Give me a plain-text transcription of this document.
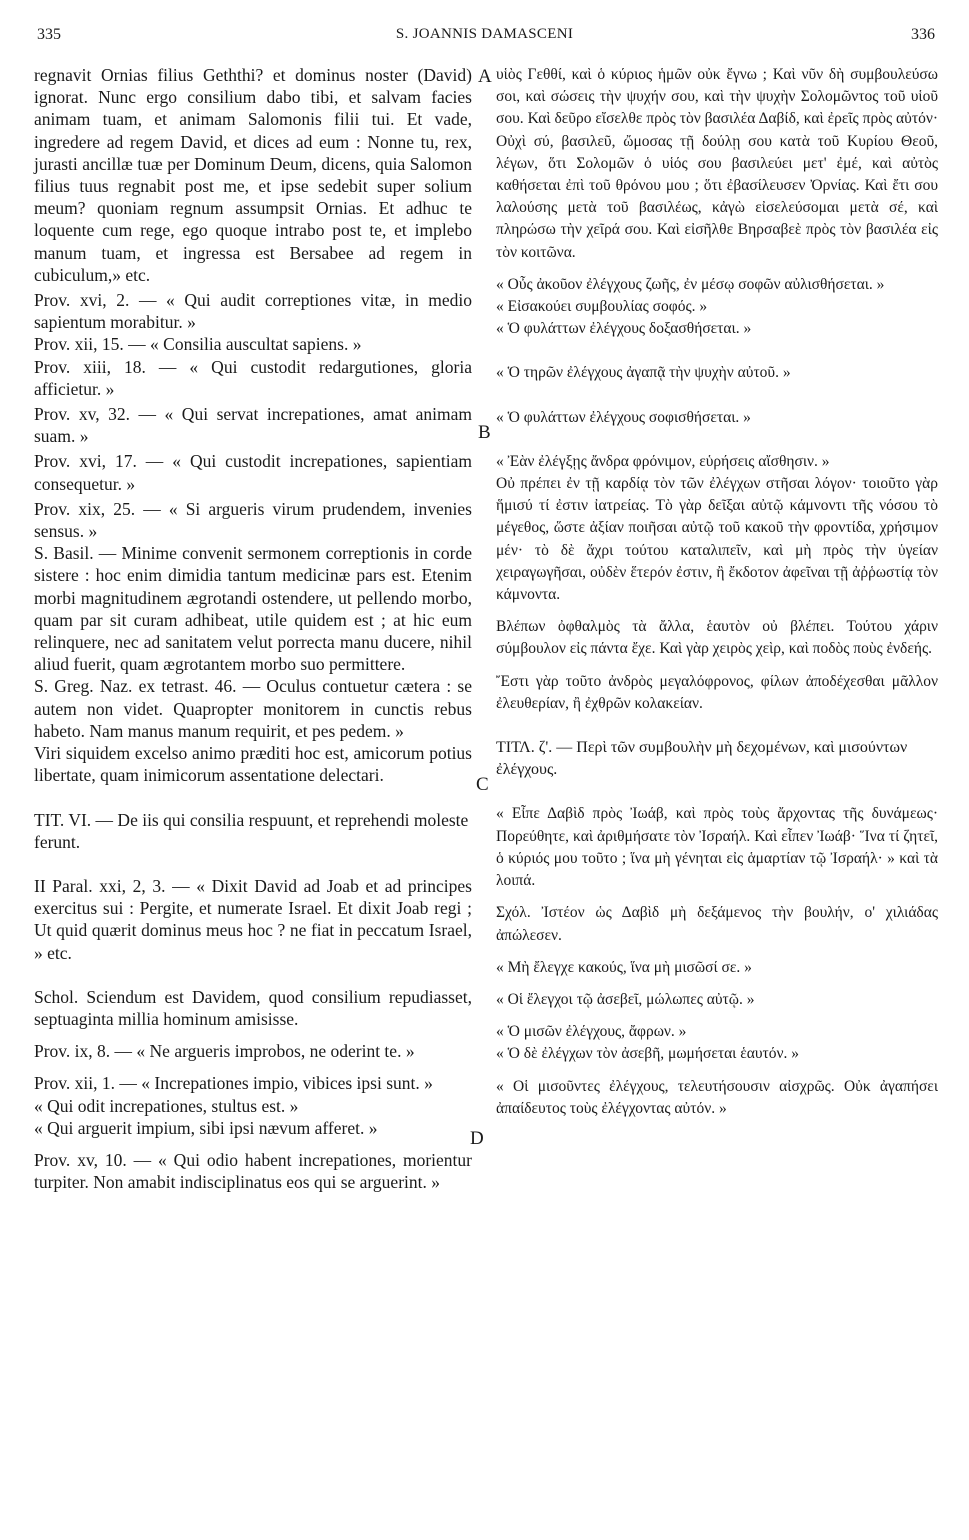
335	S. JOANNIS DAMASCENI	336
A
B
C
D

regnavit Ornias filius Geththi? et dominus noster (David) ignorat. Nunc ergo consilium dabo tibi, et salvam facies animam tuam, et animam Salomonis filii tui. Et vade, ingredere ad regem David, et dices ad eum : Nonne tu, rex, jurasti ancillæ tuæ per Dominum Deum, dicens, quia Salomon filius tuus regnabit post me, et ipse sedebit super solium meum? quoniam regnum assumpsit Ornias. Et adhuc te loquente cum rege, ego quoque intrabo post te, et implebo manum tuam, et ingressa est Bersabee ad regem in cubiculum,» etc.

Prov. xvi, 2. — « Qui audit correptiones vitæ, in medio sapientum morabitur. »

Prov. xii, 15. — « Consilia auscultat sapiens. »

Prov. xiii, 18. — « Qui custodit redargutiones, gloria afficietur. »

Prov. xv, 32. — « Qui servat increpationes, amat animam suam. »

Prov. xvi, 17. — « Qui custodit increpationes, sapientiam consequetur. »

Prov. xix, 25. — « Si argueris virum prudendem, invenies sensus. »

S. Basil. — Minime convenit sermonem correptionis in corde sistere : hoc enim dimidia tantum medicinæ pars est. Etenim morbi magnitudinem ægrotandi ostendere, ut pellendo morbo, quam par sit curam adhibeat, utile quidem est ; at hic eum relinquere, nec ad sanitatem velut porrecta manu ducere, nihil aliud fuerit, quam ægrotantem morbo suo permittere.

S. Greg. Naz. ex tetrast. 46. — Oculus contuetur cætera : se autem non videt. Quapropter monitorem in cunctis rebus habeto. Nam manus manum requirit, et pes pedem. »

Viri siquidem excelso animo præditi hoc est, amicorum potius libertate, quam inimicorum assentatione delectari.

TIT. VI. — De iis qui consilia respuunt, et reprehendi moleste ferunt.

II Paral. xxi, 2, 3. — « Dixit David ad Joab et ad principes exercitus sui : Pergite, et numerate Israel. Et dixit Joab regi ; Ut quid quærit dominus meus hoc ? ne fiat in peccatum Israel, » etc.

Schol. Sciendum est Davidem, quod consilium repudiasset, septuaginta millia hominum amisisse.

Prov. ix, 8. — « Ne argueris improbos, ne oderint te. »

Prov. xii, 1. — « Increpationes impio, vibices ipsi sunt. »

« Qui odit increpationes, stultus est. »

« Qui arguerit impium, sibi ipsi nævum afferet. »

Prov. xv, 10. — « Qui odio habent increpationes, morientur turpiter. Non amabit indisciplinatus eos qui se arguerint. »

υἱὸς Γεθθί, καὶ ὁ κύριος ἡμῶν οὐκ ἔγνω ; Καὶ νῦν δὴ συμβουλεύσω σοι, καὶ σώσεις τὴν ψυχήν σου, καὶ τὴν ψυχὴν Σολομῶντος τοῦ υἱοῦ σου. Καὶ δεῦρο εἴσελθε πρὸς τὸν βασιλέα Δαβίδ, καὶ ἐρεῖς πρὸς αὐτόν· Οὐχὶ σύ, βασιλεῦ, ὤμοσας τῇ δούλῃ σου κατὰ τοῦ Κυρίου Θεοῦ, λέγων, ὅτι Σολομῶν ὁ υἱός σου βασιλεύει μετ' ἐμέ, καὶ αὐτὸς καθήσεται ἐπὶ τοῦ θρόνου μου ; ὅτι ἐβασίλευσεν Ὀρνίας. Καὶ ἔτι σου λαλούσης μετὰ τοῦ βασιλέως, κἀγὼ εἰσελεύσομαι μετὰ σέ, καὶ πληρώσω τὴν χεῖρά σου. Καὶ εἰσῆλθε Βηρσαβεὲ πρὸς τὸν βασιλέα εἰς τὸν κοιτῶνα.

« Οὖς ἀκοῦον ἐλέγχους ζωῆς, ἐν μέσῳ σοφῶν αὐλισθήσεται. »

« Εἰσακούει συμβουλίας σοφός. »

« Ὁ φυλάττων ἐλέγχους δοξασθήσεται. »

« Ὁ τηρῶν ἐλέγχους ἀγαπᾷ τὴν ψυχὴν αὐτοῦ. »

« Ὁ φυλάττων ἐλέγχους σοφισθήσεται. »

« Ἐὰν ἐλέγξῃς ἄνδρα φρόνιμον, εὑρήσεις αἴσθησιν. »

Οὐ πρέπει ἐν τῇ καρδίᾳ τὸν τῶν ἐλέγχων στῆσαι λόγον· τοιοῦτο γὰρ ἥμισύ τί ἐστιν ἰατρείας. Τὸ γὰρ δεῖξαι αὐτῷ κάμνοντι τῆς νόσου τὸ μέγεθος, ὥστε ἀξίαν ποιῆσαι αὐτῷ τοῦ κακοῦ τὴν φροντίδα, χρήσιμον μέν· τὸ δὲ ἄχρι τούτου καταλιπεῖν, καὶ μὴ πρὸς τὴν ὑγείαν χειραγωγῆσαι, οὐδὲν ἕτερόν ἐστιν, ἢ ἔκδοτον ἀφεῖναι τῇ ἀῤῥωστίᾳ τὸν κάμνοντα.

Βλέπων ὀφθαλμὸς τὰ ἄλλα, ἑαυτὸν οὐ βλέπει. Τούτου χάριν σύμβουλον εἰς πάντα ἔχε. Καὶ γὰρ χειρὸς χεὶρ, καὶ ποδὸς ποὺς ἐνδεής.

Ἔστι γὰρ τοῦτο ἀνδρὸς μεγαλόφρονος, φίλων ἀποδέχεσθαι μᾶλλον ἐλευθερίαν, ἢ ἐχθρῶν κολακείαν.

ΤΙΤΛ. ζ'. — Περὶ τῶν συμβουλὴν μὴ δεχομένων, καὶ μισούντων ἐλέγχους.

« Εἶπε Δαβὶδ πρὸς Ἰωάβ, καὶ πρὸς τοὺς ἄρχοντας τῆς δυνάμεως· Πορεύθητε, καὶ ἀριθμήσατε τὸν Ἰσραήλ. Καὶ εἶπεν Ἰωάβ· Ἵνα τί ζητεῖ, ὁ κύριός μου τοῦτο ; ἵνα μὴ γένηται εἰς ἁμαρτίαν τῷ Ἰσραήλ· » καὶ τὰ λοιπά.

Σχόλ. Ἰστέον ὡς Δαβὶδ μὴ δεξάμενος τὴν βουλήν, ο' χιλιάδας ἀπώλεσεν.

« Μὴ ἔλεγχε κακούς, ἵνα μὴ μισῶσί σε. »

« Οἱ ἔλεγχοι τῷ ἀσεβεῖ, μώλωπες αὐτῷ. »

« Ὁ μισῶν ἐλέγχους, ἄφρων. »

« Ὁ δὲ ἐλέγχων τὸν ἀσεβῆ, μωμήσεται ἑαυτόν. »

« Οἱ μισοῦντες ἐλέγχους, τελευτήσουσιν αἰσχρῶς. Οὐκ ἀγαπήσει ἀπαίδευτος τοὺς ἐλέγχοντας αὐτόν. »
